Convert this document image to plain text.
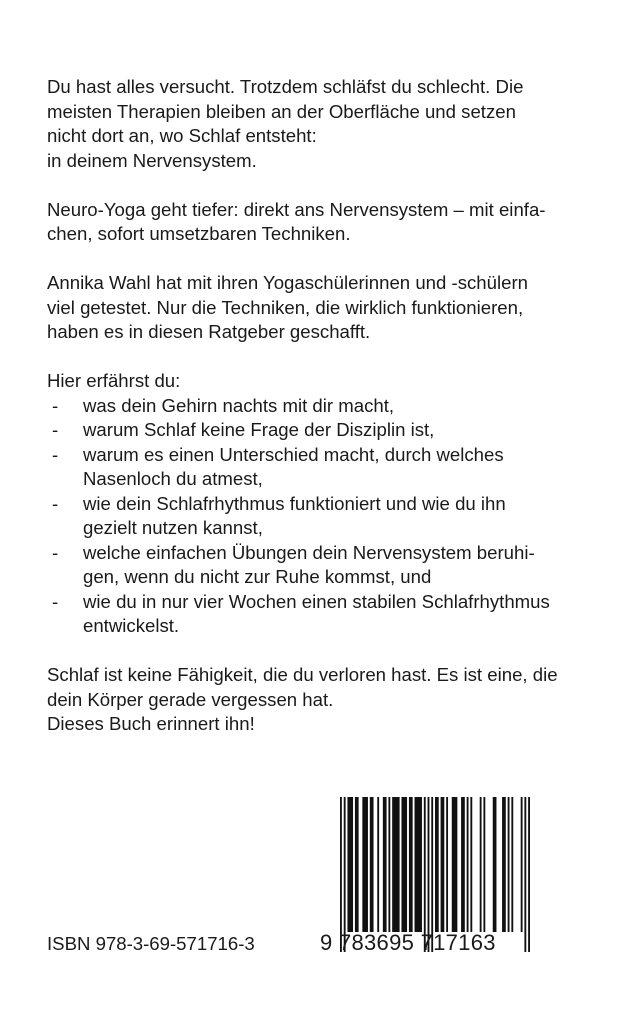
Du hast alles versucht. Trotzdem schläfst du schlecht. Die
meisten Therapien bleiben an der Oberfläche und setzen
nicht dort an, wo Schlaf entsteht:
in deinem Nervensystem.
Neuro-Yoga geht tiefer: direkt ans Nervensystem – mit einfa-
chen, sofort umsetzbaren Techniken.
Annika Wahl hat mit ihren Yogaschülerinnen und -schülern
viel getestet. Nur die Techniken, die wirklich funktionieren,
haben es in diesen Ratgeber geschafft.
Hier erfährst du:
- was dein Gehirn nachts mit dir macht,
- warum Schlaf keine Frage der Disziplin ist,
- warum es einen Unterschied macht, durch welches
Nasenloch du atmest,
- wie dein Schlafrhythmus funktioniert und wie du ihn
gezielt nutzen kannst,
- welche einfachen Übungen dein Nervensystem beruhi-
gen, wenn du nicht zur Ruhe kommst, und
- wie du in nur vier Wochen einen stabilen Schlafrhythmus
entwickelst.
Schlaf ist keine Fähigkeit, die du verloren hast. Es ist eine, die
dein Körper gerade vergessen hat.
Dieses Buch erinnert ihn!
ISBN 978-3-69-571716-3	9 783695 717163
